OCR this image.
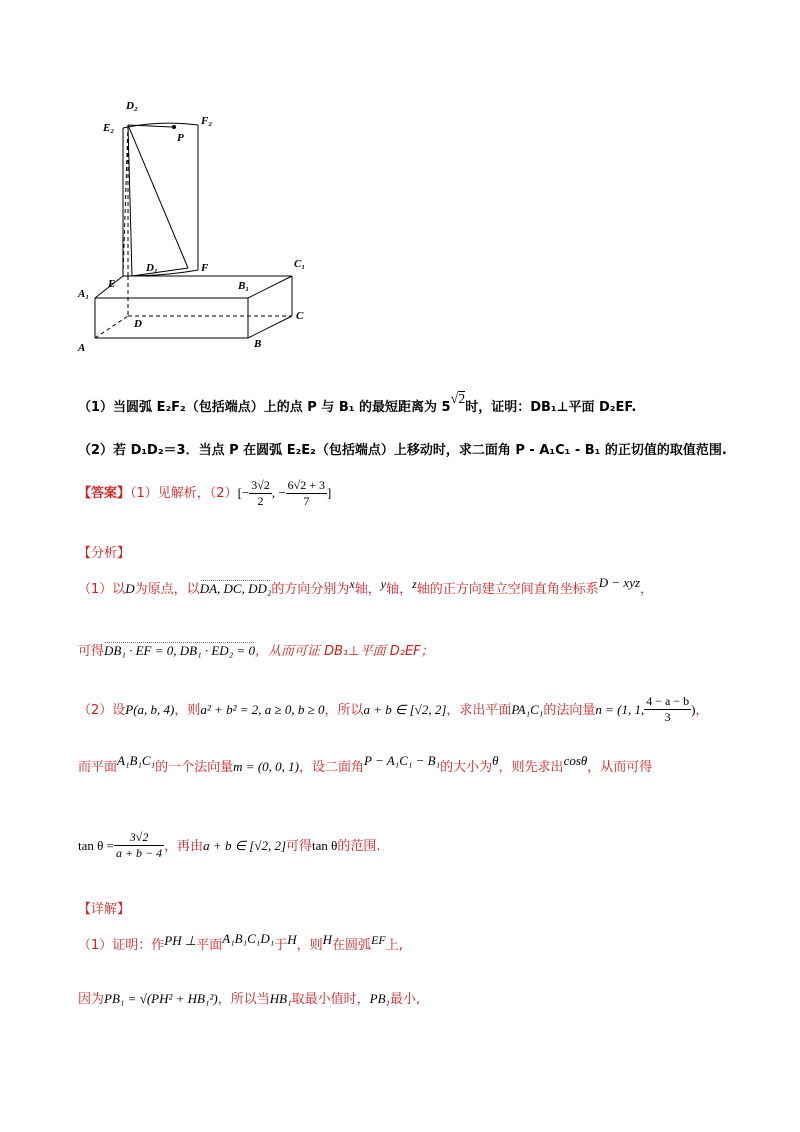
D₂
E₂
F₂
P
D₁	F	C₁
A₁
E	B₁
D
C
A	B
（1）当圆弧 E₂F₂（包括端点）上的点 P 与 B₁ 的最短距离为 5√2时，证明：DB₁⊥平面 D₂EF.
（2）若 D₁D₂＝3．当点 P 在圆弧 E₂E₂（包括端点）上移动时，求二面角 P - A₁C₁ - B₁ 的正切值的取值范围.
【答案】（1）见解析，$(2)[- \frac{3√2}{2}$ , − $\frac{6√2 + 3}{7}$ ]
【分析】
（1）以D为原点，以DA, DC, DD₂的方向分别为$^x$轴，$^y$轴，$^z$轴的正方向建立空间直角坐标系$^{D - xyz}$，
可得DB₁ · EF = 0, DB₁ · ED₂ = 0，从而可证 DB₁⊥平面 D₂EF；
（2）设P(a, b, 4)，则a² + b² = 2, a ≥ 0, b ≥ 0，所以a + b ∈ [√2, 2]，求出平面PA₁C₁的法向量n = (1, 1, $\frac{4 - a - b}{3}$ )，
而平面$^{A_1B_1C_1}$的一个法向量m = (0, 0, 1)，设二面角$^{P - A_1C_1 - B_1}$的大小为$^\theta$，则先求出$^{cos\theta}$，从而可得
$\tan \theta = \frac{3√2}{a + b - 4}$ ，再由a + b ∈ [√2, 2]可得tan θ的范围.
【详解】
（1）证明：作$^{PH \perp}$平面$^{A_1B_1C_1D_1}$于$^H$，则$^H$在圆弧$^{EF}$上,
因为PB₁ = √(PH² + HB₁²)，所以当HB₁取最小值时，PB₁最小,
